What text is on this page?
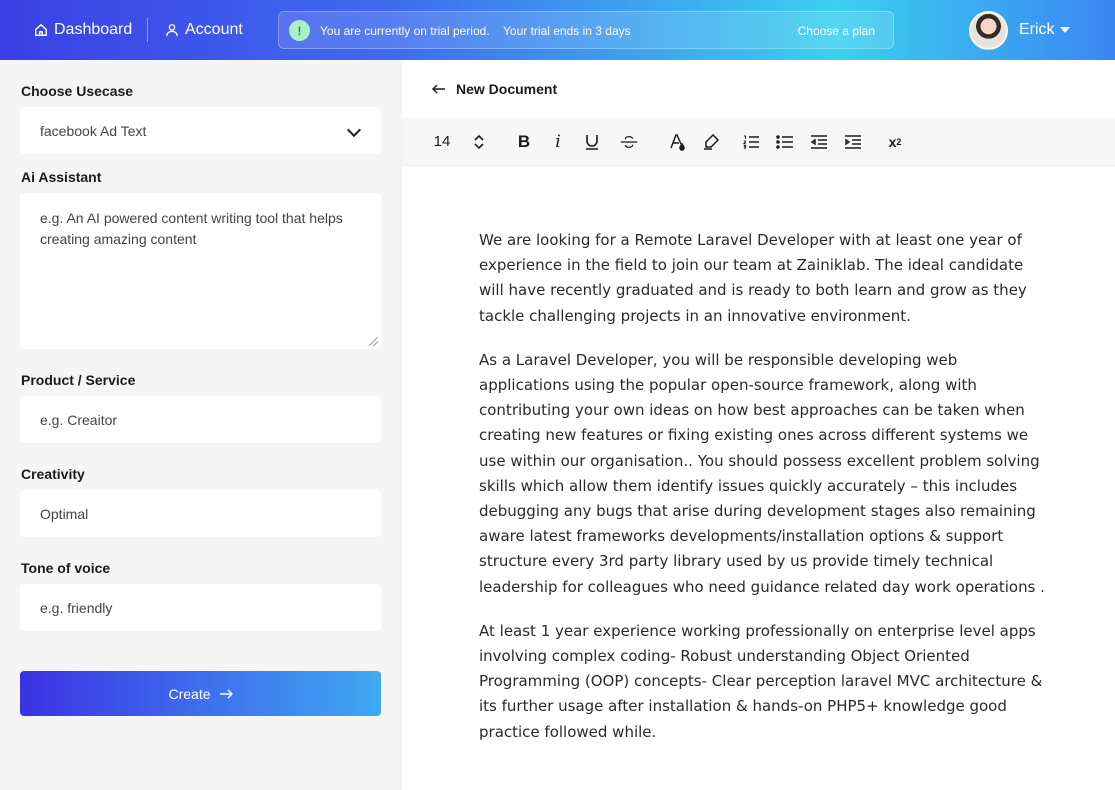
Dashboard	Account	!	You are currently on trial period. Your trial ends in 3 days	Choose a plan	Erick
Choose Usecase
facebook Ad Text
Ai Assistant
e.g. An AI powered content writing tool that helps creating amazing content
Product / Service
e.g. Creaitor
Creativity
Optimal
Tone of voice
e.g. friendly
Create
New Document
14	B	i	x 2

We are looking for a Remote Laravel Developer with at least one year of experience in the field to join our team at Zainiklab. The ideal candidate will have recently graduated and is ready to both learn and grow as they tackle challenging projects in an innovative environment.

As a Laravel Developer, you will be responsible developing web applications using the popular open-source framework, along with contributing your own ideas on how best approaches can be taken when creating new features or fixing existing ones across different systems we use within our organisation.. You should possess excellent problem solving skills which allow them identify issues quickly accurately – this includes debugging any bugs that arise during development stages also remaining aware latest frameworks developments/installation options & support structure every 3rd party library used by us provide timely technical leadership for colleagues who need guidance related day work operations .

At least 1 year experience working professionally on enterprise level apps involving complex coding- Robust understanding Object Oriented Programming (OOP) concepts- Clear perception laravel MVC architecture & its further usage after installation & hands-on PHP5+ knowledge good practice followed while.
